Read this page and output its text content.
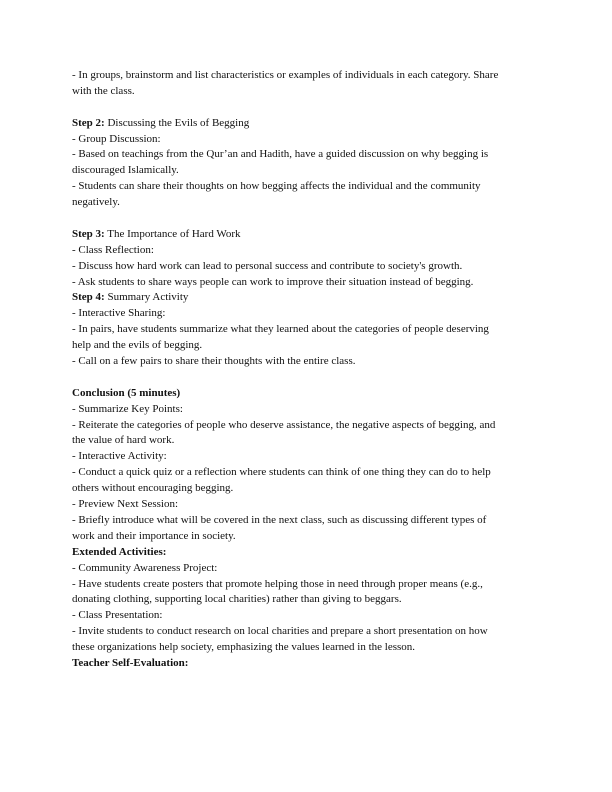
- In groups, brainstorm and list characteristics or examples of individuals in each category. Share
with the class.
Step 2: Discussing the Evils of Begging
- Group Discussion:
- Based on teachings from the Qur’an and Hadith, have a guided discussion on why begging is
discouraged Islamically.
- Students can share their thoughts on how begging affects the individual and the community
negatively.
Step 3: The Importance of Hard Work
- Class Reflection:
- Discuss how hard work can lead to personal success and contribute to society's growth.
- Ask students to share ways people can work to improve their situation instead of begging.
Step 4: Summary Activity
- Interactive Sharing:
- In pairs, have students summarize what they learned about the categories of people deserving
help and the evils of begging.
- Call on a few pairs to share their thoughts with the entire class.
Conclusion (5 minutes)
- Summarize Key Points:
- Reiterate the categories of people who deserve assistance, the negative aspects of begging, and
the value of hard work.
- Interactive Activity:
- Conduct a quick quiz or a reflection where students can think of one thing they can do to help
others without encouraging begging.
- Preview Next Session:
- Briefly introduce what will be covered in the next class, such as discussing different types of
work and their importance in society.
Extended Activities:
- Community Awareness Project:
- Have students create posters that promote helping those in need through proper means (e.g.,
donating clothing, supporting local charities) rather than giving to beggars.
- Class Presentation:
- Invite students to conduct research on local charities and prepare a short presentation on how
these organizations help society, emphasizing the values learned in the lesson.
Teacher Self-Evaluation:
